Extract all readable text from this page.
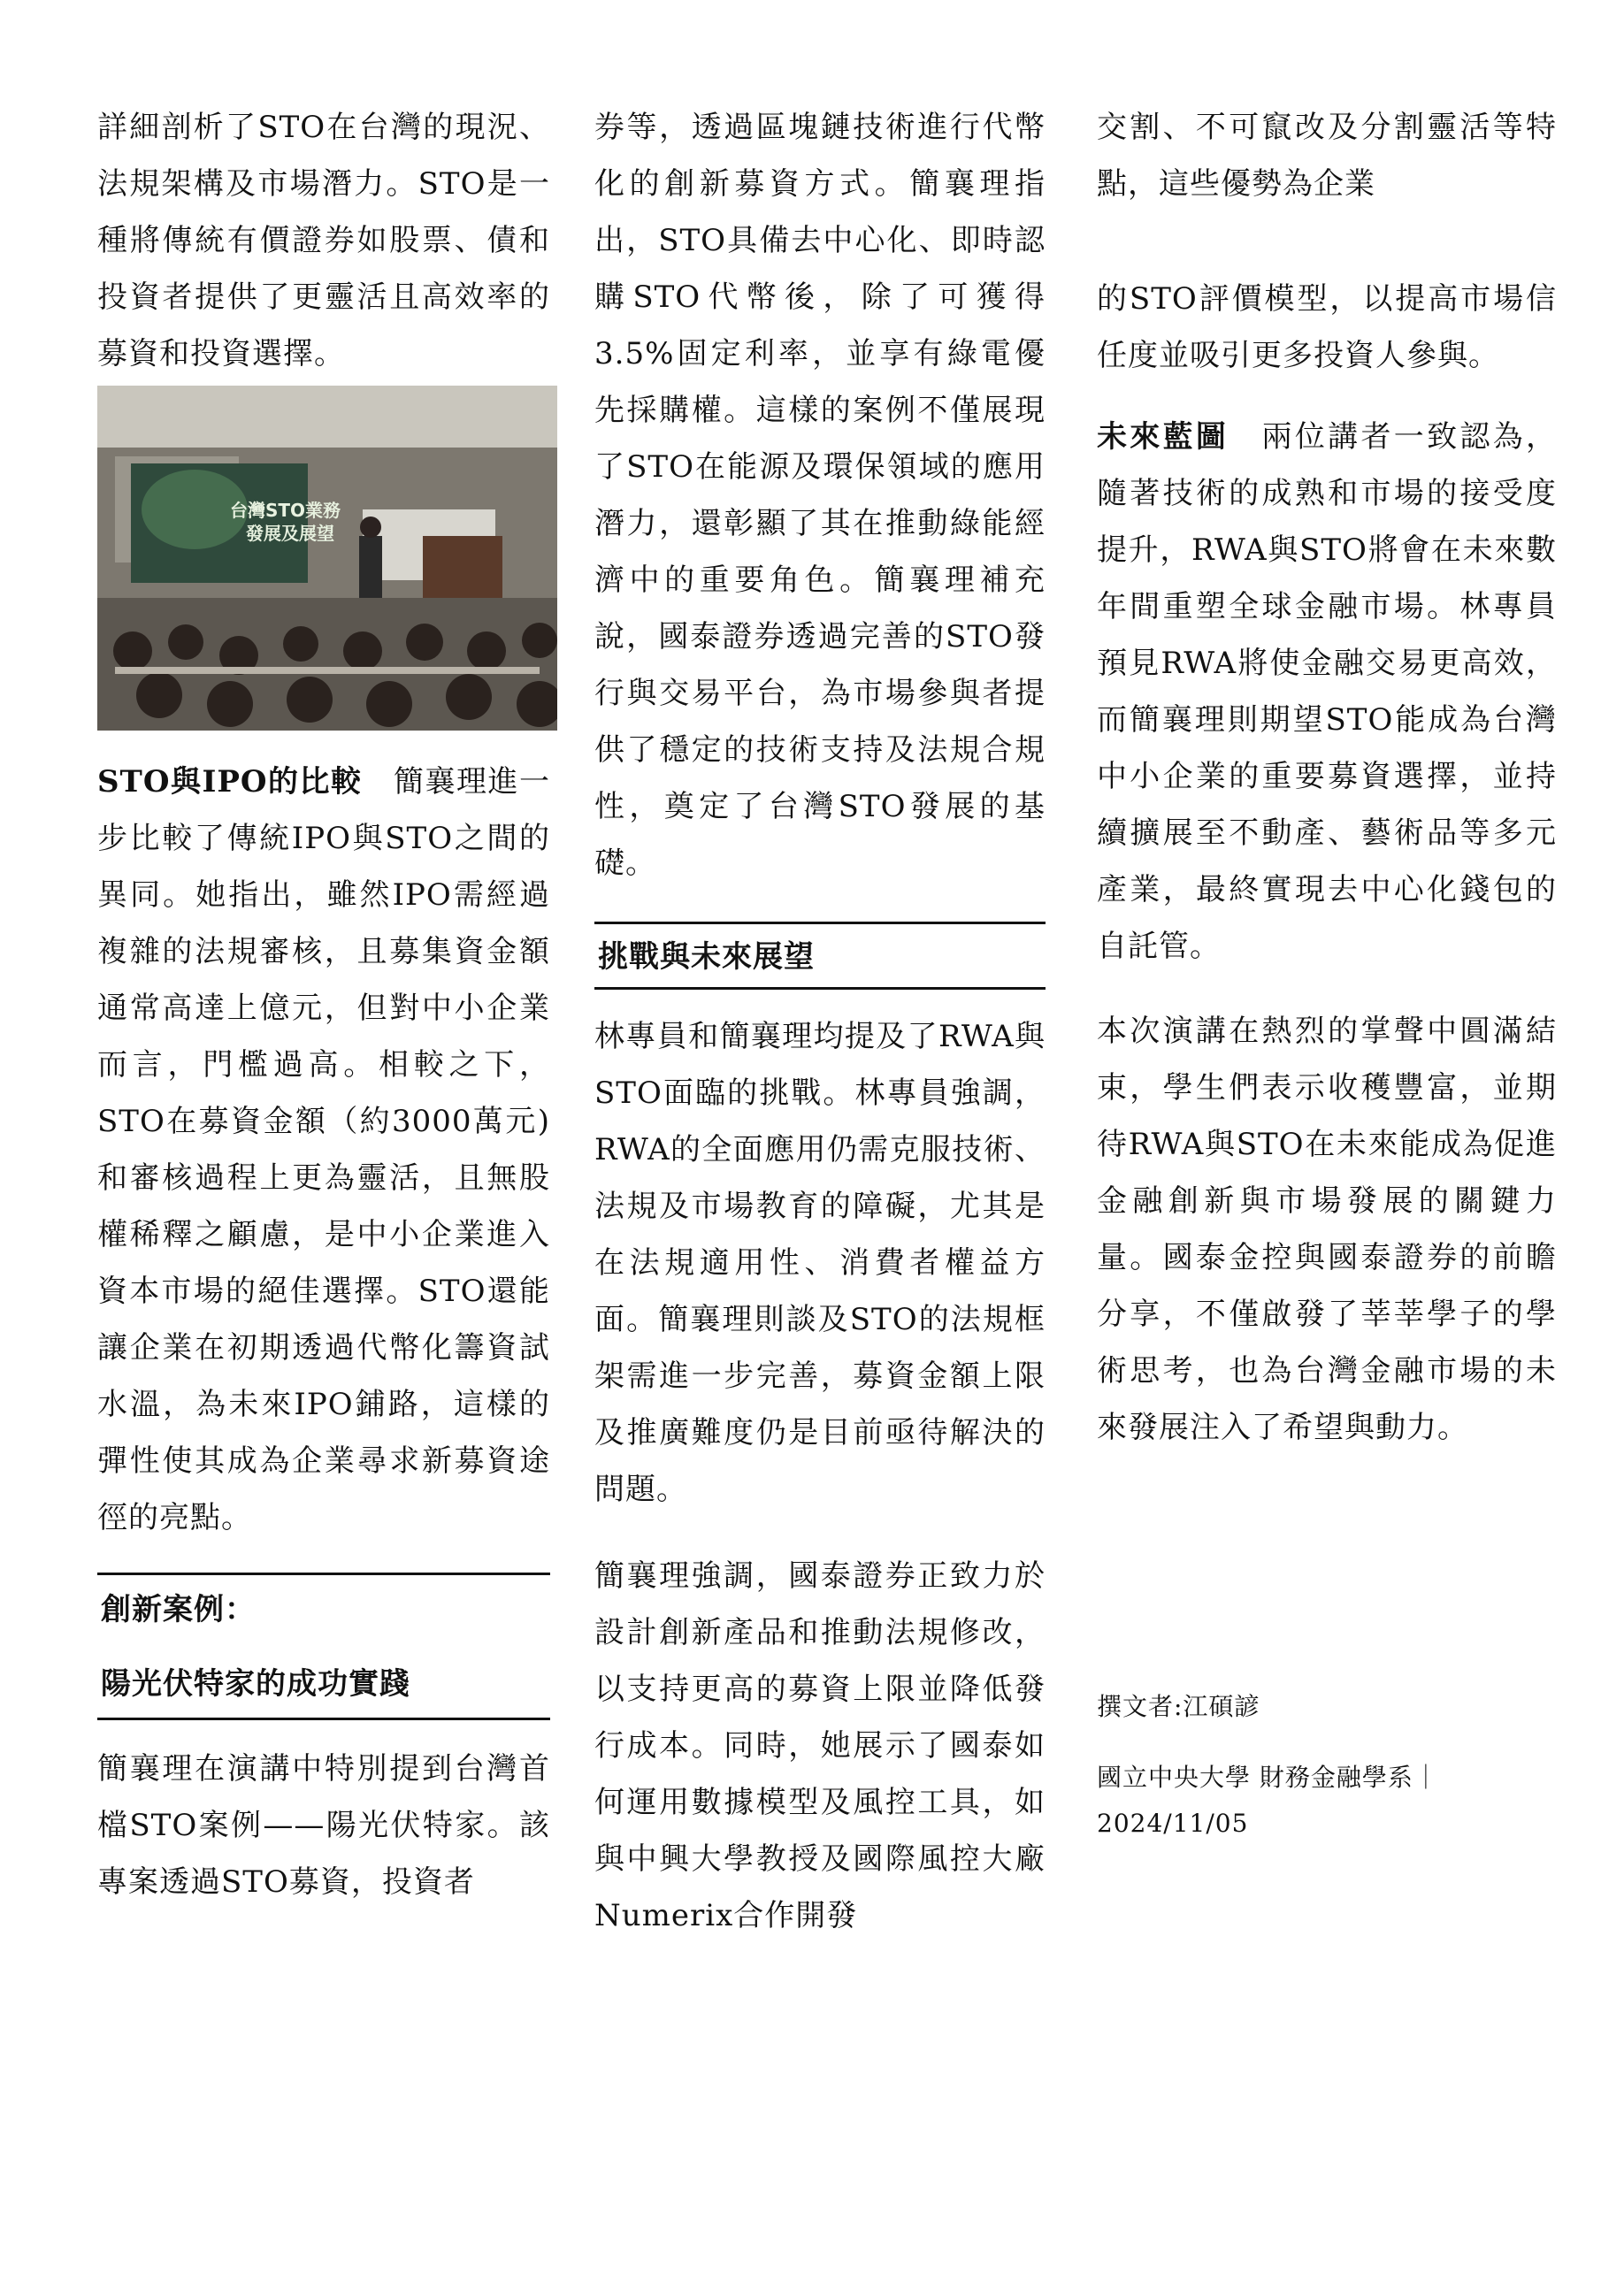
詳細剖析了STO在台灣的現況、法規架構及市場潛力。STO是一種將傳統有價證券如股票、債和投資者提供了更靈活且高效率的募資和投資選擇。

台灣STO業務
發展及展望

STO與IPO的比較　 簡襄理進一步比較了傳統IPO與STO之間的異同。她指出，雖然IPO需經過複雜的法規審核，且募集資金額通常高達上億元，但對中小企業而言，門檻過高。相較之下，STO在募資金額（約3000萬元)和審核過程上更為靈活，且無股權稀釋之顧慮，是中小企業進入資本市場的絕佳選擇。STO還能讓企業在初期透過代幣化籌資試水溫，為未來IPO鋪路，這樣的彈性使其成為企業尋求新募資途徑的亮點。

創新案例：

陽光伏特家的成功實踐

簡襄理在演講中特別提到台灣首檔STO案例——陽光伏特家。該專案透過STO募資，投資者

券等，透過區塊鏈技術進行代幣化的創新募資方式。簡襄理指出，STO具備去中心化、即時認購STO代幣後，除了可獲得3.5%固定利率，並享有綠電優先採購權。這樣的案例不僅展現了STO在能源及環保領域的應用潛力，還彰顯了其在推動綠能經濟中的重要角色。簡襄理補充說，國泰證券透過完善的STO發行與交易平台，為市場參與者提供了穩定的技術支持及法規合規性，奠定了台灣STO發展的基礎。

挑戰與未來展望

林專員和簡襄理均提及了RWA與STO面臨的挑戰。林專員強調，RWA的全面應用仍需克服技術、法規及市場教育的障礙，尤其是在法規適用性、消費者權益方面。簡襄理則談及STO的法規框架需進一步完善，募資金額上限及推廣難度仍是目前亟待解決的問題。

簡襄理強調，國泰證券正致力於設計創新產品和推動法規修改，以支持更高的募資上限並降低發行成本。同時，她展示了國泰如何運用數據模型及風控工具，如與中興大學教授及國際風控大廠Numerix合作開發

交割、不可竄改及分割靈活等特點，這些優勢為企業

的STO評價模型，以提高市場信任度並吸引更多投資人參與。

未來藍圖　 兩位講者一致認為，隨著技術的成熟和市場的接受度提升，RWA與STO將會在未來數年間重塑全球金融市場。林專員預見RWA將使金融交易更高效，而簡襄理則期望STO能成為台灣中小企業的重要募資選擇，並持續擴展至不動產、藝術品等多元產業，最終實現去中心化錢包的自託管。

本次演講在熱烈的掌聲中圓滿結束，學生們表示收穫豐富，並期待RWA與STO在未來能成為促進金融創新與市場發展的關鍵力量。國泰金控與國泰證券的前瞻分享，不僅啟發了莘莘學子的學術思考，也為台灣金融市場的未來發展注入了希望與動力。

撰文者:江碩諺

國立中央大學 財務金融學系｜

2024/11/05
